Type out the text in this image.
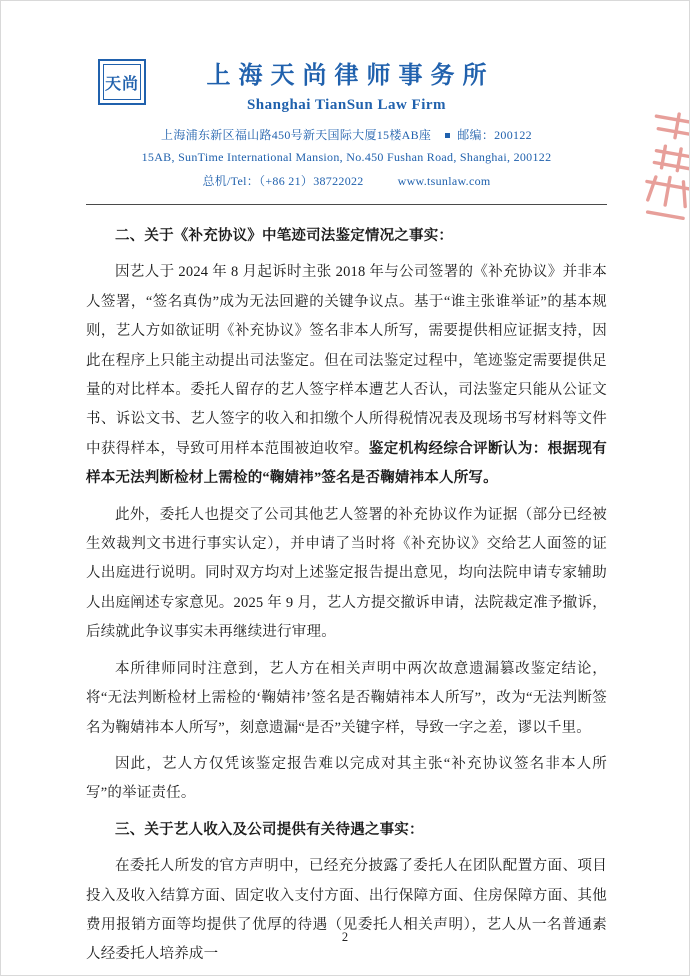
天尚	上海天尚律师事务所
Shanghai TianSun Law Firm
上海浦东新区福山路450号新天国际大厦15楼AB座 邮编：200122
15AB, SunTime International Mansion, No.450 Fushan Road, Shanghai, 200122
总机/Tel：（+86 21）38722022	www.tsunlaw.com

二、关于《补充协议》中笔迹司法鉴定情况之事实：

因艺人于 2024 年 8 月起诉时主张 2018 年与公司签署的《补充协议》并非本人签署，“签名真伪”成为无法回避的关键争议点。基于“谁主张谁举证”的基本规则，艺人方如欲证明《补充协议》签名非本人所写，需要提供相应证据支持，因此在程序上只能主动提出司法鉴定。但在司法鉴定过程中，笔迹鉴定需要提供足量的对比样本。委托人留存的艺人签字样本遭艺人否认，司法鉴定只能从公证文书、诉讼文书、艺人签字的收入和扣缴个人所得税情况表及现场书写材料等文件中获得样本，导致可用样本范围被迫收窄。鉴定机构经综合评断认为：根据现有样本无法判断检材上需检的“鞠婧祎”签名是否鞠婧祎本人所写。

此外，委托人也提交了公司其他艺人签署的补充协议作为证据（部分已经被生效裁判文书进行事实认定），并申请了当时将《补充协议》交给艺人面签的证人出庭进行说明。同时双方均对上述鉴定报告提出意见，均向法院申请专家辅助人出庭阐述专家意见。2025 年 9 月，艺人方提交撤诉申请，法院裁定准予撤诉，后续就此争议事实未再继续进行审理。

本所律师同时注意到，艺人方在相关声明中两次故意遗漏篡改鉴定结论，将“无法判断检材上需检的‘鞠婧祎’签名是否鞠婧祎本人所写”，改为“无法判断签名为鞠婧祎本人所写”，刻意遗漏“是否”关键字样，导致一字之差，谬以千里。

因此，艺人方仅凭该鉴定报告难以完成对其主张“补充协议签名非本人所写”的举证责任。

三、关于艺人收入及公司提供有关待遇之事实：

在委托人所发的官方声明中，已经充分披露了委托人在团队配置方面、项目投入及收入结算方面、固定收入支付方面、出行保障方面、住房保障方面、其他费用报销方面等均提供了优厚的待遇（见委托人相关声明），艺人从一名普通素人经委托人培养成一

2
